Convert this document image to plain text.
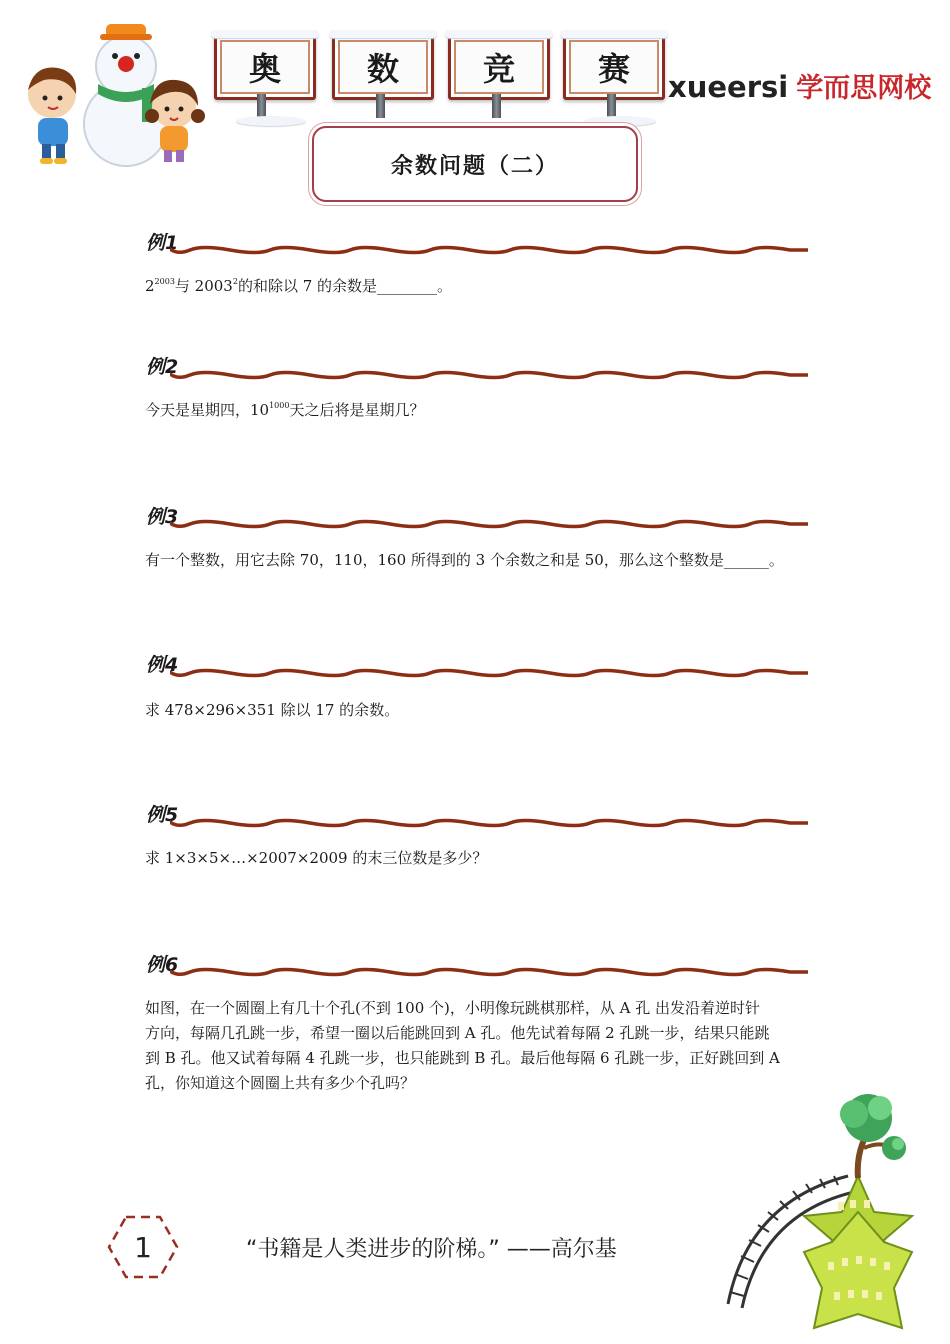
奥	数	竞	赛	xueersi 学而思网校
余数问题（二）
例1
$2^{2003}$与 2003$^2$的和除以 7 的余数是________。
例2
今天是星期四，$10^{1000}$天之后将是星期几？
例3
有一个整数，用它去除 70，110，160 所得到的 3 个余数之和是 50，那么这个整数是______。
例4
求 478×296×351 除以 17 的余数。
例5
求 1×3×5×…×2007×2009 的末三位数是多少？
例6
如图，在一个圆圈上有几十个孔(不到 100 个)，小明像玩跳棋那样，从 A 孔 出发沿着逆时针
方向，每隔几孔跳一步，希望一圈以后能跳回到 A 孔。他先试着每隔 2 孔跳一步，结果只能跳
到 B 孔。他又试着每隔 4 孔跳一步，也只能跳到 B 孔。最后他每隔 6 孔跳一步，正好跳回到 A
孔，你知道这个圆圈上共有多少个孔吗？
1	“书籍是人类进步的阶梯。” ——高尔基
